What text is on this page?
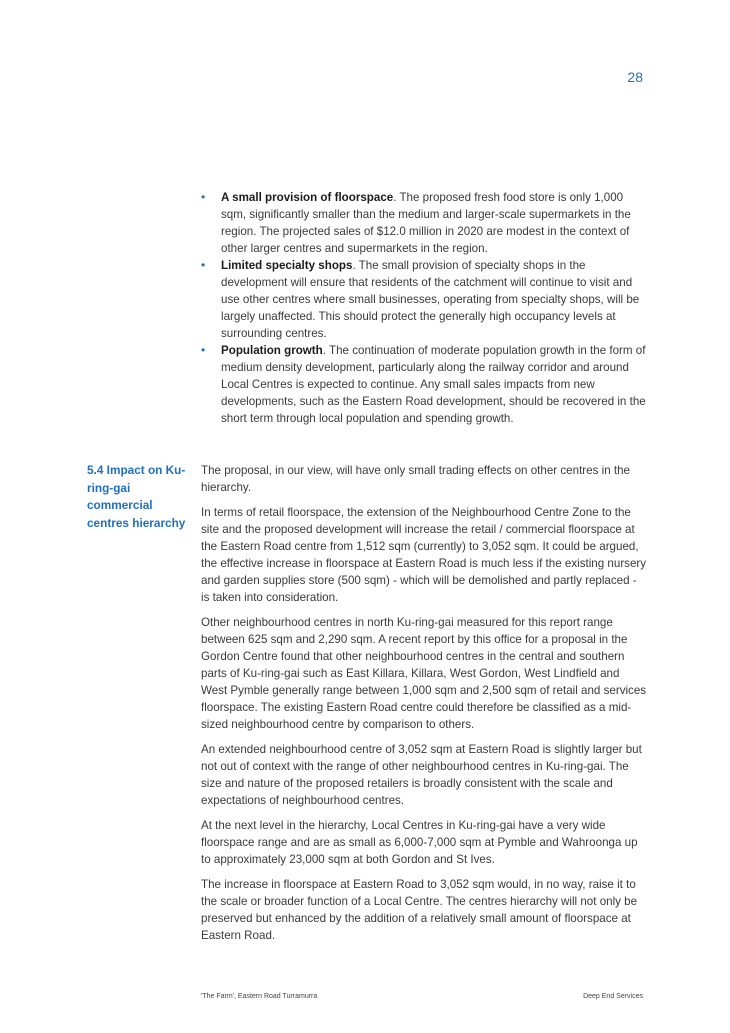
28
• A small provision of floorspace. The proposed fresh food store is only 1,000 sqm, significantly smaller than the medium and larger-scale supermarkets in the region. The projected sales of $12.0 million in 2020 are modest in the context of other larger centres and supermarkets in the region.
• Limited specialty shops. The small provision of specialty shops in the development will ensure that residents of the catchment will continue to visit and use other centres where small businesses, operating from specialty shops, will be largely unaffected. This should protect the generally high occupancy levels at surrounding centres.
• Population growth. The continuation of moderate population growth in the form of medium density development, particularly along the railway corridor and around Local Centres is expected to continue. Any small sales impacts from new developments, such as the Eastern Road development, should be recovered in the short term through local population and spending growth.
5.4 Impact on Ku-ring-gai commercial centres hierarchy

The proposal, in our view, will have only small trading effects on other centres in the hierarchy.

In terms of retail floorspace, the extension of the Neighbourhood Centre Zone to the site and the proposed development will increase the retail / commercial floorspace at the Eastern Road centre from 1,512 sqm (currently) to 3,052 sqm. It could be argued, the effective increase in floorspace at Eastern Road is much less if the existing nursery and garden supplies store (500 sqm) - which will be demolished and partly replaced - is taken into consideration.

Other neighbourhood centres in north Ku-ring-gai measured for this report range between 625 sqm and 2,290 sqm. A recent report by this office for a proposal in the Gordon Centre found that other neighbourhood centres in the central and southern parts of Ku-ring-gai such as East Killara, Killara, West Gordon, West Lindfield and West Pymble generally range between 1,000 sqm and 2,500 sqm of retail and services floorspace. The existing Eastern Road centre could therefore be classified as a mid-sized neighbourhood centre by comparison to others.

An extended neighbourhood centre of 3,052 sqm at Eastern Road is slightly larger but not out of context with the range of other neighbourhood centres in Ku-ring-gai. The size and nature of the proposed retailers is broadly consistent with the scale and expectations of neighbourhood centres.

At the next level in the hierarchy, Local Centres in Ku-ring-gai have a very wide floorspace range and are as small as 6,000-7,000 sqm at Pymble and Wahroonga up to approximately 23,000 sqm at both Gordon and St Ives.

The increase in floorspace at Eastern Road to 3,052 sqm would, in no way, raise it to the scale or broader function of a Local Centre. The centres hierarchy will not only be preserved but enhanced by the addition of a relatively small amount of floorspace at Eastern Road.

'The Farm', Eastern Road Turramurra	Deep End Services
